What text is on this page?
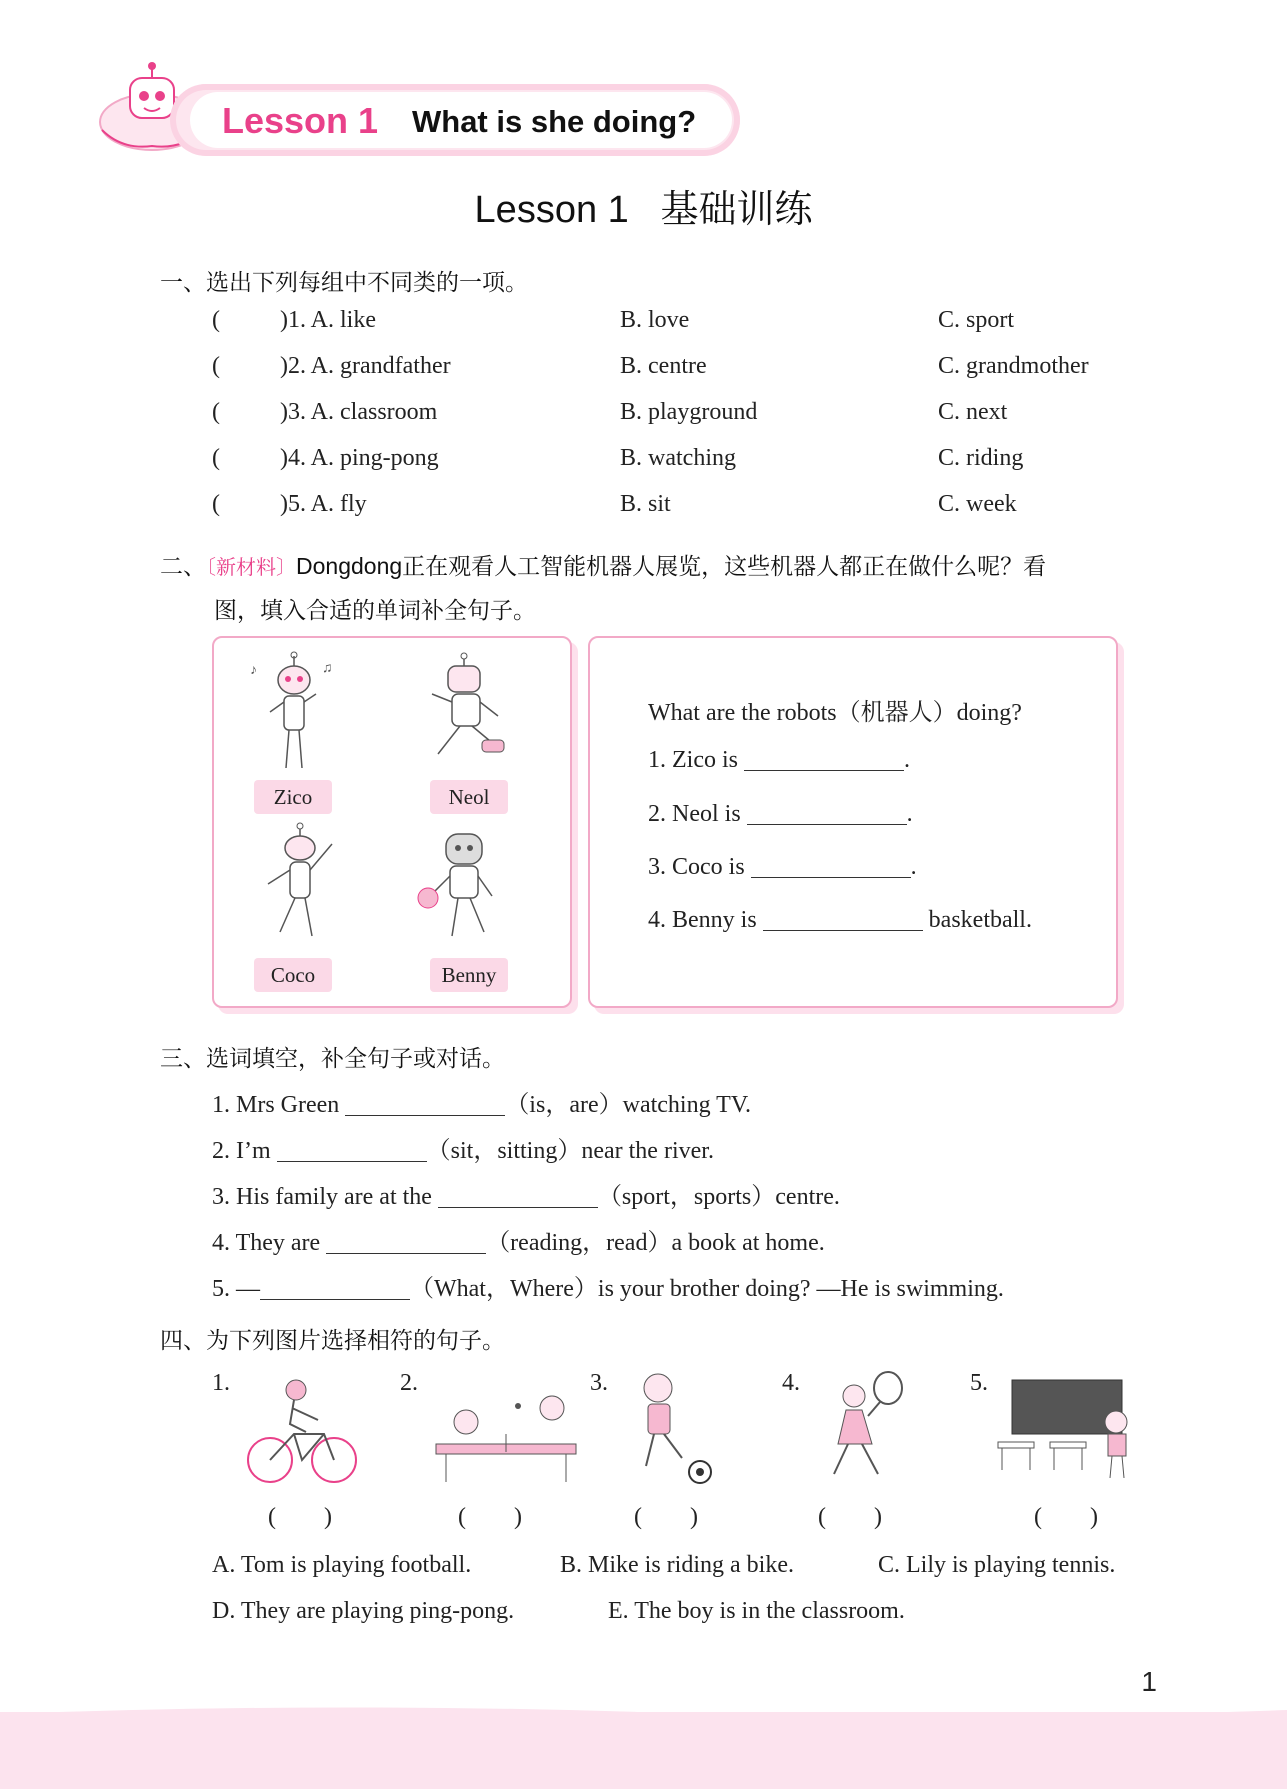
Lesson 1 What is she doing?
Lesson 1   基础训练
一、选出下列每组中不同类的一项。
(	)1. A. like	B. love	C. sport
(	)2. A. grandfather	B. centre	C. grandmother
(	)3. A. classroom	B. playground	C. next
(	)4. A. ping-pong	B. watching	C. riding
(	)5. A. fly	B. sit	C. week
二、〔新材料〕Dongdong正在观看人工智能机器人展览，这些机器人都正在做什么呢？看
图，填入合适的单词补全句子。
♪	♫
Zico	Neol
Coco	Benny
What are the robots（机器人）doing?
1. Zico is	.
2. Neol is	.
3. Coco is	.
4. Benny is	basketball.
三、选词填空，补全句子或对话。
1. Mrs Green	（is，are）watching TV.
2. I’m	（sit，sitting）near the river.
3. His family are at the	（sport，sports）centre.
4. They are	（reading，read）a book at home.
5. —	（What，Where）is your brother doing? —He is swimming.
四、为下列图片选择相符的句子。
1.	2.	3.	4.	5.
(        )	(        )	(        )	(        )	(        )
A. Tom is playing football.	B. Mike is riding a bike.	C. Lily is playing tennis.
D. They are playing ping-pong.	E. The boy is in the classroom.
1
